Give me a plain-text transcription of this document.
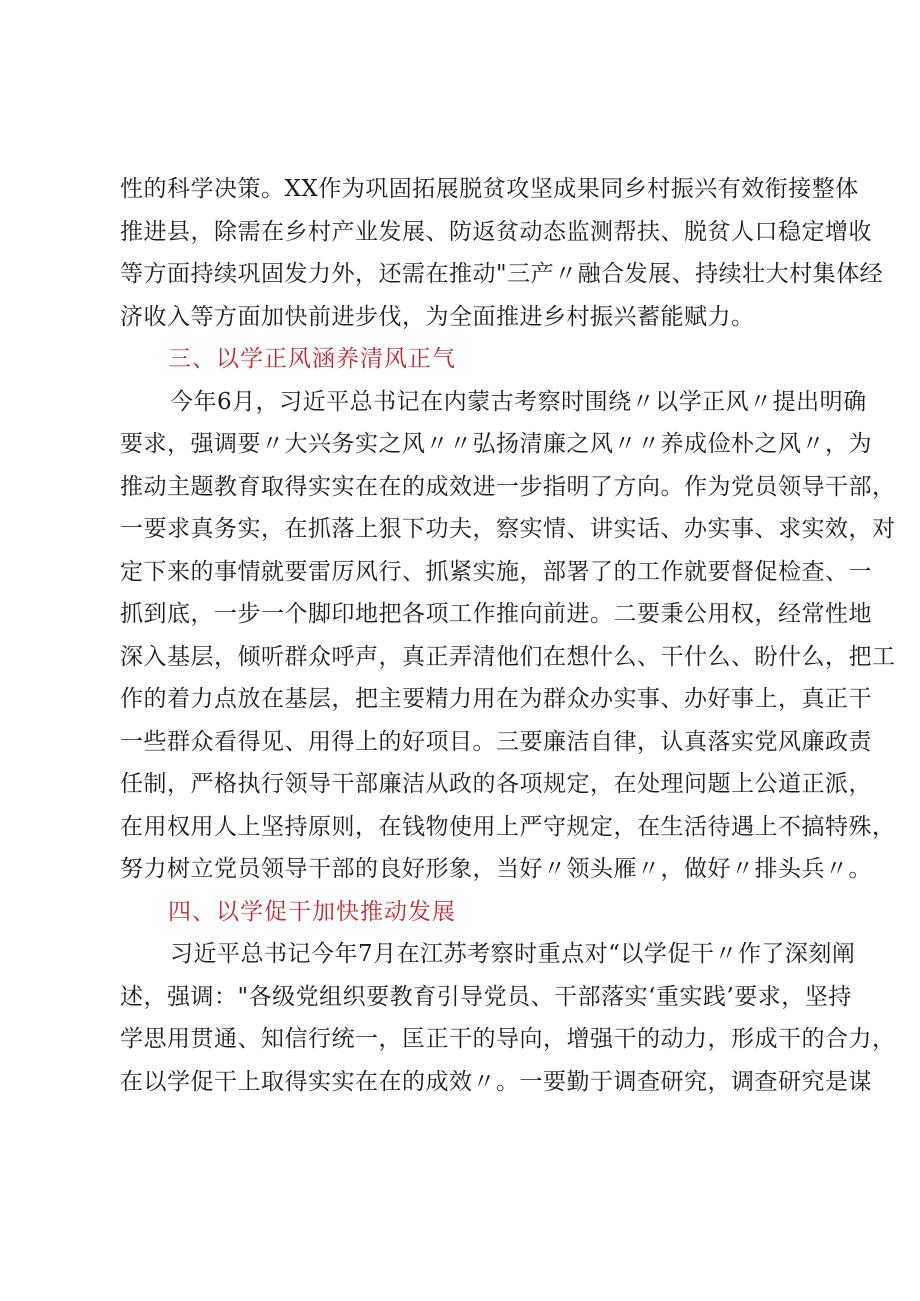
性的科学决策。XX作为巩固拓展脱贫攻坚成果同乡村振兴有效衔接整体
推进县，除需在乡村产业发展、防返贫动态监测帮扶、脱贫人口稳定增收
等方面持续巩固发力外，还需在推动"三产〃融合发展、持续壮大村集体经
济收入等方面加快前进步伐，为全面推进乡村振兴蓄能赋力。
三、以学正风涵养清风正气
今年6月，习近平总书记在内蒙古考察时围绕〃以学正风〃提出明确
要求，强调要〃大兴务实之风〃〃弘扬清廉之风〃〃养成俭朴之风〃，为
推动主题教育取得实实在在的成效进一步指明了方向。作为党员领导干部，
一要求真务实，在抓落上狠下功夫，察实情、讲实话、办实事、求实效，对
定下来的事情就要雷厉风行、抓紧实施，部署了的工作就要督促检查、一
抓到底，一步一个脚印地把各项工作推向前进。二要秉公用权，经常性地
深入基层，倾听群众呼声，真正弄清他们在想什么、干什么、盼什么，把工
作的着力点放在基层，把主要精力用在为群众办实事、办好事上，真正干
一些群众看得见、用得上的好项目。三要廉洁自律，认真落实党风廉政责
任制，严格执行领导干部廉洁从政的各项规定，在处理问题上公道正派，
在用权用人上坚持原则，在钱物使用上严守规定，在生活待遇上不搞特殊，
努力树立党员领导干部的良好形象，当好〃领头雁〃，做好〃排头兵〃。
四、以学促干加快推动发展
习近平总书记今年7月在江苏考察时重点对“以学促干〃作了深刻阐
述，强调："各级党组织要教育引导党员、干部落实‘重实践’要求，坚持
学思用贯通、知信行统一，匡正干的导向，增强干的动力，形成干的合力，
在以学促干上取得实实在在的成效〃。一要勤于调查研究，调查研究是谋
